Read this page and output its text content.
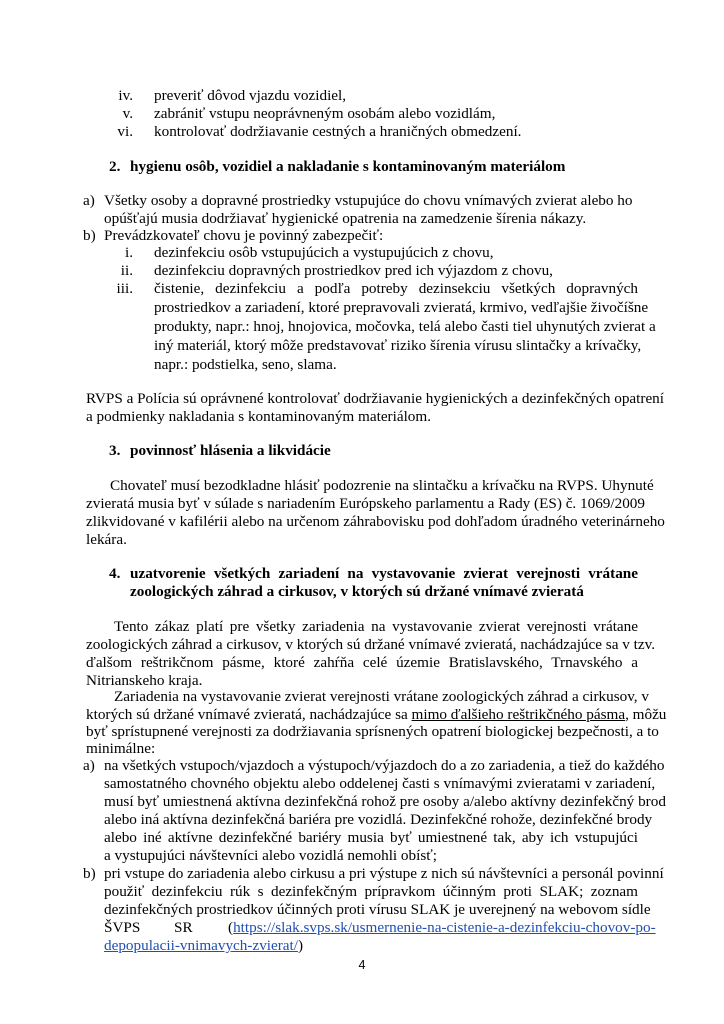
iv. preveriť dôvod vjazdu vozidiel,
v. zabrániť vstupu neoprávneným osobám alebo vozidlám,
vi. kontrolovať dodržiavanie cestných a hraničných obmedzení.
2. hygienu osôb, vozidiel a nakladanie s kontaminovaným materiálom
a) Všetky osoby a dopravné prostriedky vstupujúce do chovu vnímavých zvierat alebo ho
opúšťajú musia dodržiavať hygienické opatrenia na zamedzenie šírenia nákazy.
b) Prevádzkovateľ chovu je povinný zabezpečiť:
i. dezinfekciu osôb vstupujúcich a vystupujúcich z chovu,
ii. dezinfekciu dopravných prostriedkov pred ich výjazdom z chovu,
iii. čistenie, dezinfekciu a podľa potreby dezinsekciu všetkých dopravných
prostriedkov a zariadení, ktoré prepravovali zvieratá, krmivo, vedľajšie živočíšne
produkty, napr.: hnoj, hnojovica, močovka, telá alebo časti tiel uhynutých zvierat a
iný materiál, ktorý môže predstavovať riziko šírenia vírusu slintačky a krívačky,
napr.: podstielka, seno, slama.
RVPS a Polícia sú oprávnené kontrolovať dodržiavanie hygienických a dezinfekčných opatrení
a podmienky nakladania s kontaminovaným materiálom.
3. povinnosť hlásenia a likvidácie
Chovateľ musí bezodkladne hlásiť podozrenie na slintačku a krívačku na RVPS. Uhynuté
zvieratá musia byť v súlade s nariadením Európskeho parlamentu a Rady (ES) č. 1069/2009
zlikvidované v kafilérii alebo na určenom záhrabovisku pod dohľadom úradného veterinárneho
lekára.
4. uzatvorenie všetkých zariadení na vystavovanie zvierat verejnosti vrátane
zoologických záhrad a cirkusov, v ktorých sú držané vnímavé zvieratá
Tento zákaz platí pre všetky zariadenia na vystavovanie zvierat verejnosti vrátane
zoologických záhrad a cirkusov, v ktorých sú držané vnímavé zvieratá, nachádzajúce sa v tzv.
ďalšom reštrikčnom pásme, ktoré zahŕňa celé územie Bratislavského, Trnavského a
Nitrianskeho kraja.
Zariadenia na vystavovanie zvierat verejnosti vrátane zoologických záhrad a cirkusov, v
ktorých sú držané vnímavé zvieratá, nachádzajúce sa mimo ďalšieho reštrikčného pásma, môžu
byť sprístupnené verejnosti za dodržiavania sprísnených opatrení biologickej bezpečnosti, a to
minimálne:
a) na všetkých vstupoch/vjazdoch a výstupoch/výjazdoch do a zo zariadenia, a tiež do každého
samostatného chovného objektu alebo oddelenej časti s vnímavými zvieratami v zariadení,
musí byť umiestnená aktívna dezinfekčná rohož pre osoby a/alebo aktívny dezinfekčný brod
alebo iná aktívna dezinfekčná bariéra pre vozidlá. Dezinfekčné rohože, dezinfekčné brody
alebo iné aktívne dezinfekčné bariéry musia byť umiestnené tak, aby ich vstupujúci
a vystupujúci návštevníci alebo vozidlá nemohli obísť;
b) pri vstupe do zariadenia alebo cirkusu a pri výstupe z nich sú návštevníci a personál povinní
použiť dezinfekciu rúk s dezinfekčným prípravkom účinným proti SLAK; zoznam
dezinfekčných prostriedkov účinných proti vírusu SLAK je uverejnený na webovom sídle
ŠVPS SR (https://slak.svps.sk/usmernenie-na-cistenie-a-dezinfekciu-chovov-po-
depopulacii-vnimavych-zvierat/)
4
